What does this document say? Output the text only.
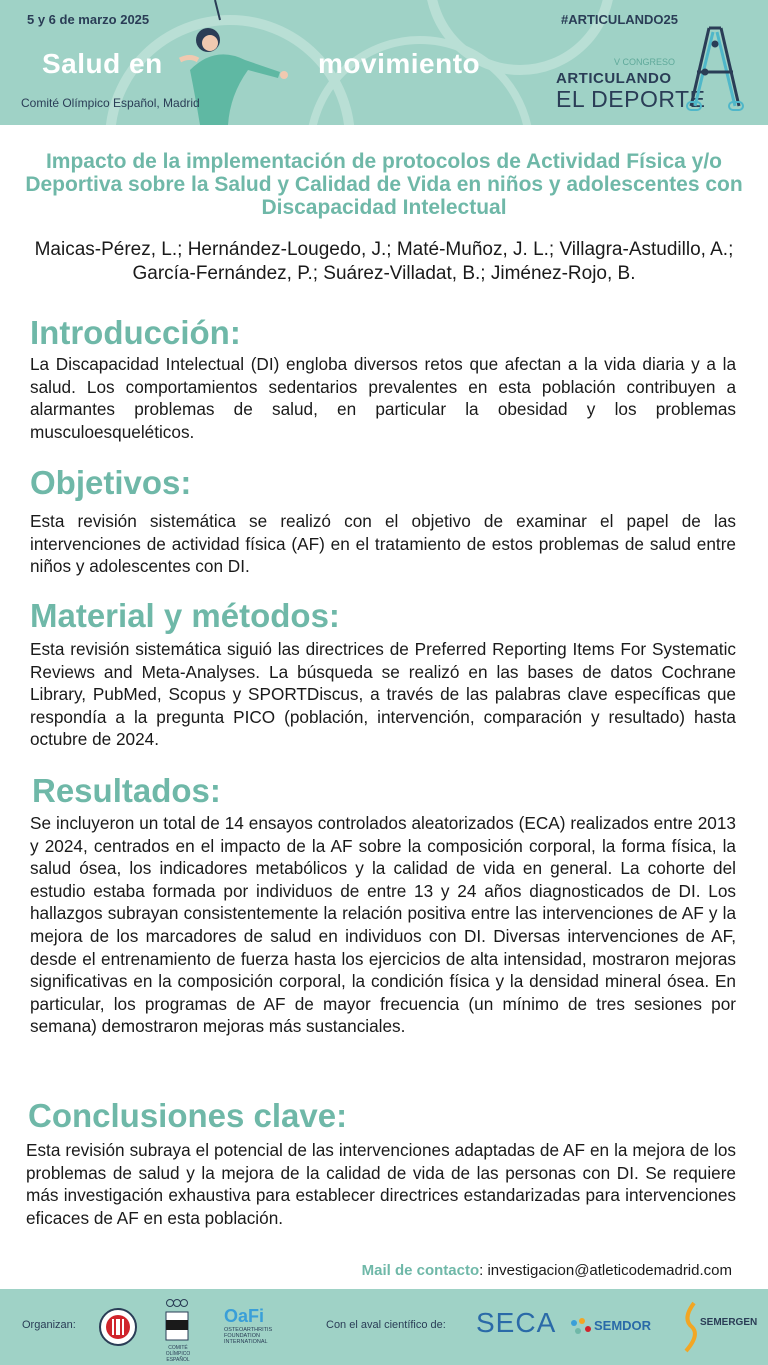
5 y 6 de marzo 2025	#ARTICULANDO25
Salud en	movimiento
Comité Olímpico Español, Madrid
V CONGRESO
ARTICULANDO
EL DEPORTE
Impacto de la implementación de protocolos de Actividad Física y/o Deportiva sobre la Salud y Calidad de Vida en niños y adolescentes con Discapacidad Intelectual
Maicas-Pérez, L.; Hernández-Lougedo, J.; Maté-Muñoz, J. L.; Villagra-Astudillo, A.; García-Fernández, P.; Suárez-Villadat, B.; Jiménez-Rojo, B.
Introducción:

La Discapacidad Intelectual (DI) engloba diversos retos que afectan a la vida diaria y a la salud. Los comportamientos sedentarios prevalentes en esta población contribuyen a alarmantes problemas de salud, en particular la obesidad y los problemas musculoesqueléticos.

Objetivos:

Esta revisión sistemática se realizó con el objetivo de examinar el papel de las intervenciones de actividad física (AF) en el tratamiento de estos problemas de salud entre niños y adolescentes con DI.

Material y métodos:

Esta revisión sistemática siguió las directrices de Preferred Reporting Items For Systematic Reviews and Meta-Analyses. La búsqueda se realizó en las bases de datos Cochrane Library, PubMed, Scopus y SPORTDiscus, a través de las palabras clave específicas que respondía a la pregunta PICO (población, intervención, comparación y resultado) hasta octubre de 2024.

Resultados:

Se incluyeron un total de 14 ensayos controlados aleatorizados (ECA) realizados entre 2013 y 2024, centrados en el impacto de la AF sobre la composición corporal, la forma física, la salud ósea, los indicadores metabólicos y la calidad de vida en general. La cohorte del estudio estaba formada por individuos de entre 13 y 24 años diagnosticados de DI. Los hallazgos subrayan consistentemente la relación positiva entre las intervenciones de AF y la mejora de los marcadores de salud en individuos con DI. Diversas intervenciones de AF, desde el entrenamiento de fuerza hasta los ejercicios de alta intensidad, mostraron mejoras significativas en la composición corporal, la condición física y la densidad mineral ósea. En particular, los programas de AF de mayor frecuencia (un mínimo de tres sesiones por semana) demostraron mejoras más sustanciales.

Conclusiones clave:

Esta revisión subraya el potencial de las intervenciones adaptadas de AF en la mejora de los problemas de salud y la mejora de la calidad de vida de las personas con DI. Se requiere más investigación exhaustiva para establecer directrices estandarizadas para intervenciones eficaces de AF en esta población.

Mail de contacto: investigacion@atleticodemadrid.com
Organizan:
COMITÉ OLÍMPICO ESPAÑOL
OaFi
OSTEOARTHRITIS FOUNDATION INTERNATIONAL
Con el aval científico de: SECA	SEMDOR	SEMERGEN
